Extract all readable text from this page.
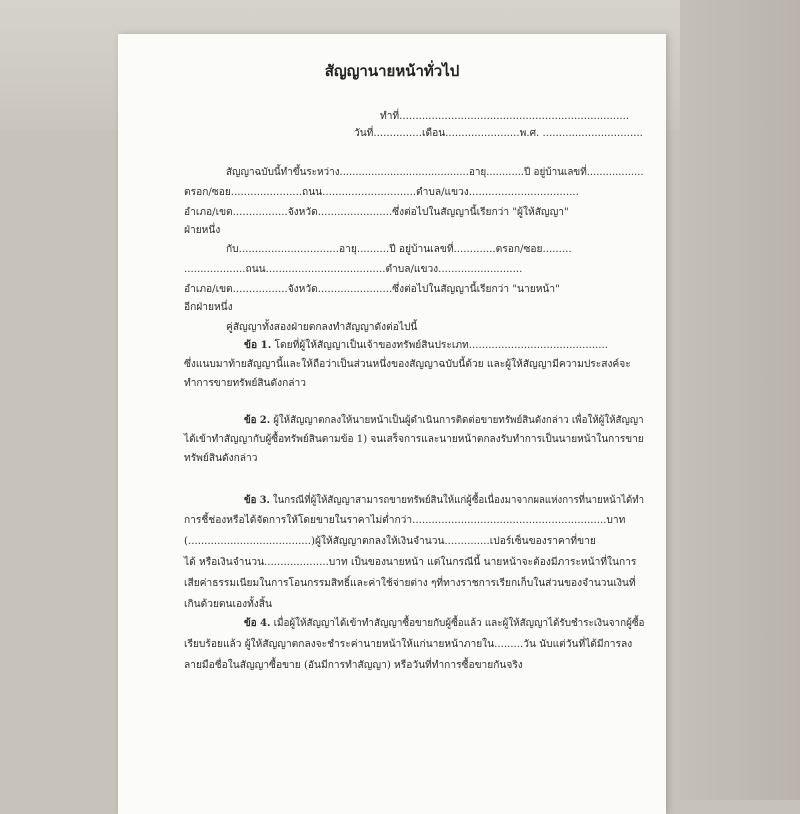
สัญญานายหน้าทั่วไป
ทำที่.......................................................................
วันที่...............เดือน.......................พ.ศ. ...............................
สัญญาฉบับนี้ทำขึ้นระหว่าง.........................................อายุ............ปี อยู่บ้านเลขที่..................
ตรอก/ซอย......................ถนน.............................ตำบล/แขวง..................................
อำเภอ/เขต.................จังหวัด.......................ซึ่งต่อไปในสัญญานี้เรียกว่า "ผู้ให้สัญญา"
ฝ่ายหนึ่ง
กับ...............................อายุ..........ปี อยู่บ้านเลขที่.............ตรอก/ซอย.........
...................ถนน.....................................ตำบล/แขวง..........................
อำเภอ/เขต.................จังหวัด.......................ซึ่งต่อไปในสัญญานี้เรียกว่า "นายหน้า"
อีกฝ่ายหนึ่ง
คู่สัญญาทั้งสองฝ่ายตกลงทำสัญญาดังต่อไปนี้
ข้อ 1. โดยที่ผู้ให้สัญญาเป็นเจ้าของทรัพย์สินประเภท...........................................
ซึ่งแนบมาท้ายสัญญานี้และให้ถือว่าเป็นส่วนหนึ่งของสัญญาฉบับนี้ด้วย และผู้ให้สัญญามีความประสงค์จะ
ทำการขายทรัพย์สินดังกล่าว
ข้อ 2. ผู้ให้สัญญาตกลงให้นายหน้าเป็นผู้ดำเนินการติดต่อขายทรัพย์สินดังกล่าว เพื่อให้ผู้ให้สัญญา
ได้เข้าทำสัญญากับผู้ซื้อทรัพย์สินตามข้อ 1) จนเสร็จการและนายหน้าตกลงรับทำการเป็นนายหน้าในการขาย
ทรัพย์สินดังกล่าว
ข้อ 3. ในกรณีที่ผู้ให้สัญญาสามารถขายทรัพย์สินให้แก่ผู้ซื้อเนื่องมาจากผลแห่งการที่นายหน้าได้ทำ
การชี้ช่องหรือได้จัดการให้โดยขายในราคาไม่ต่ำกว่า............................................................บาท
(......................................)ผู้ให้สัญญาตกลงให้เงินจำนวน..............เปอร์เซ็นของราคาที่ขาย
ได้ หรือเงินจำนวน....................บาท เป็นของนายหน้า แต่ในกรณีนี้ นายหน้าจะต้องมีภาระหน้าที่ในการ
เสียค่าธรรมเนียมในการโอนกรรมสิทธิ์และค่าใช้จ่ายต่าง ๆที่ทางราชการเรียกเก็บในส่วนของจำนวนเงินที่
เกินด้วยตนเองทั้งสิ้น
ข้อ 4. เมื่อผู้ให้สัญญาได้เข้าทำสัญญาซื้อขายกับผู้ซื้อแล้ว และผู้ให้สัญญาได้รับชำระเงินจากผู้ซื้อ
เรียบร้อยแล้ว ผู้ให้สัญญาตกลงจะชำระค่านายหน้าให้แก่นายหน้าภายใน.........วัน นับแต่วันที่ได้มีการลง
ลายมือชื่อในสัญญาซื้อขาย (อันมีการทำสัญญา) หรือวันที่ทำการซื้อขายกันจริง
